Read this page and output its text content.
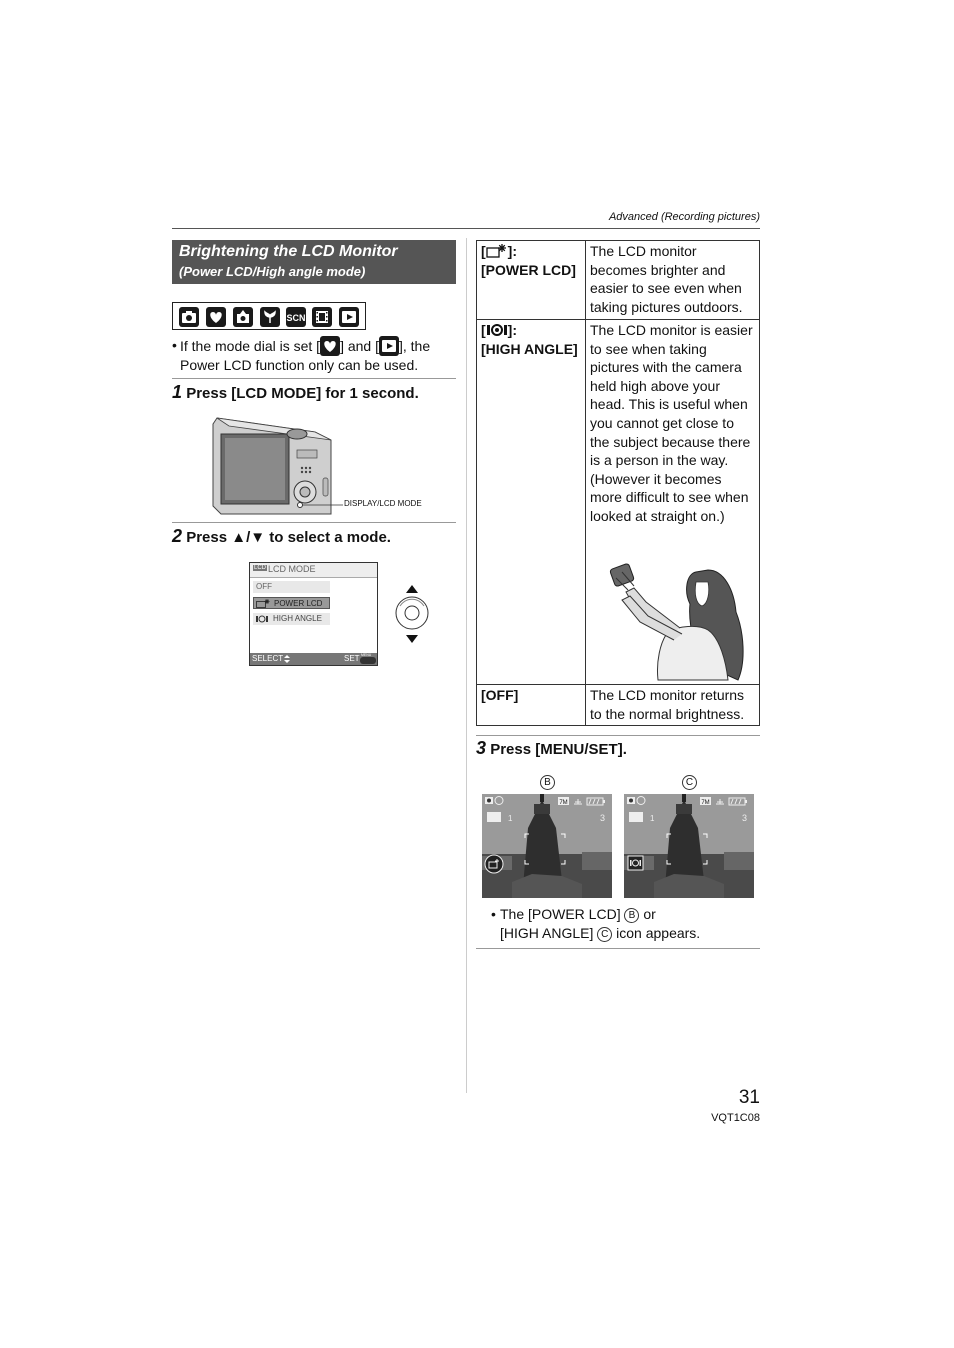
Advanced (Recording pictures)
Brightening the LCD Monitor
(Power LCD/High angle mode)
SCN
• If the mode dial is set [ ] and [ ], the Power LCD function only can be used.
1 Press [LCD MODE] for 1 second.
DISPLAY/LCD MODE
2 Press ▲/▼ to select a mode.
LCD LCD MODE
OFF
POWER LCD
HIGH ANGLE
SELECT	SET MENU
[ ]:
[POWER LCD]	The LCD monitor becomes brighter and easier to see even when taking pictures outdoors.
[ ]:
[HIGH ANGLE]	The LCD monitor is easier to see when taking pictures with the camera held high above your head. This is useful when you cannot get close to the subject because there is a person in the way. (However it becomes more difficult to see when looked at straight on.)

[OFF]	The LCD monitor returns to the normal brightness.
3 Press [MENU/SET].
B	C
7M
1	3
7M
1	3
• The [POWER LCD] B or
[HIGH ANGLE] C icon appears.
31
VQT1C08
